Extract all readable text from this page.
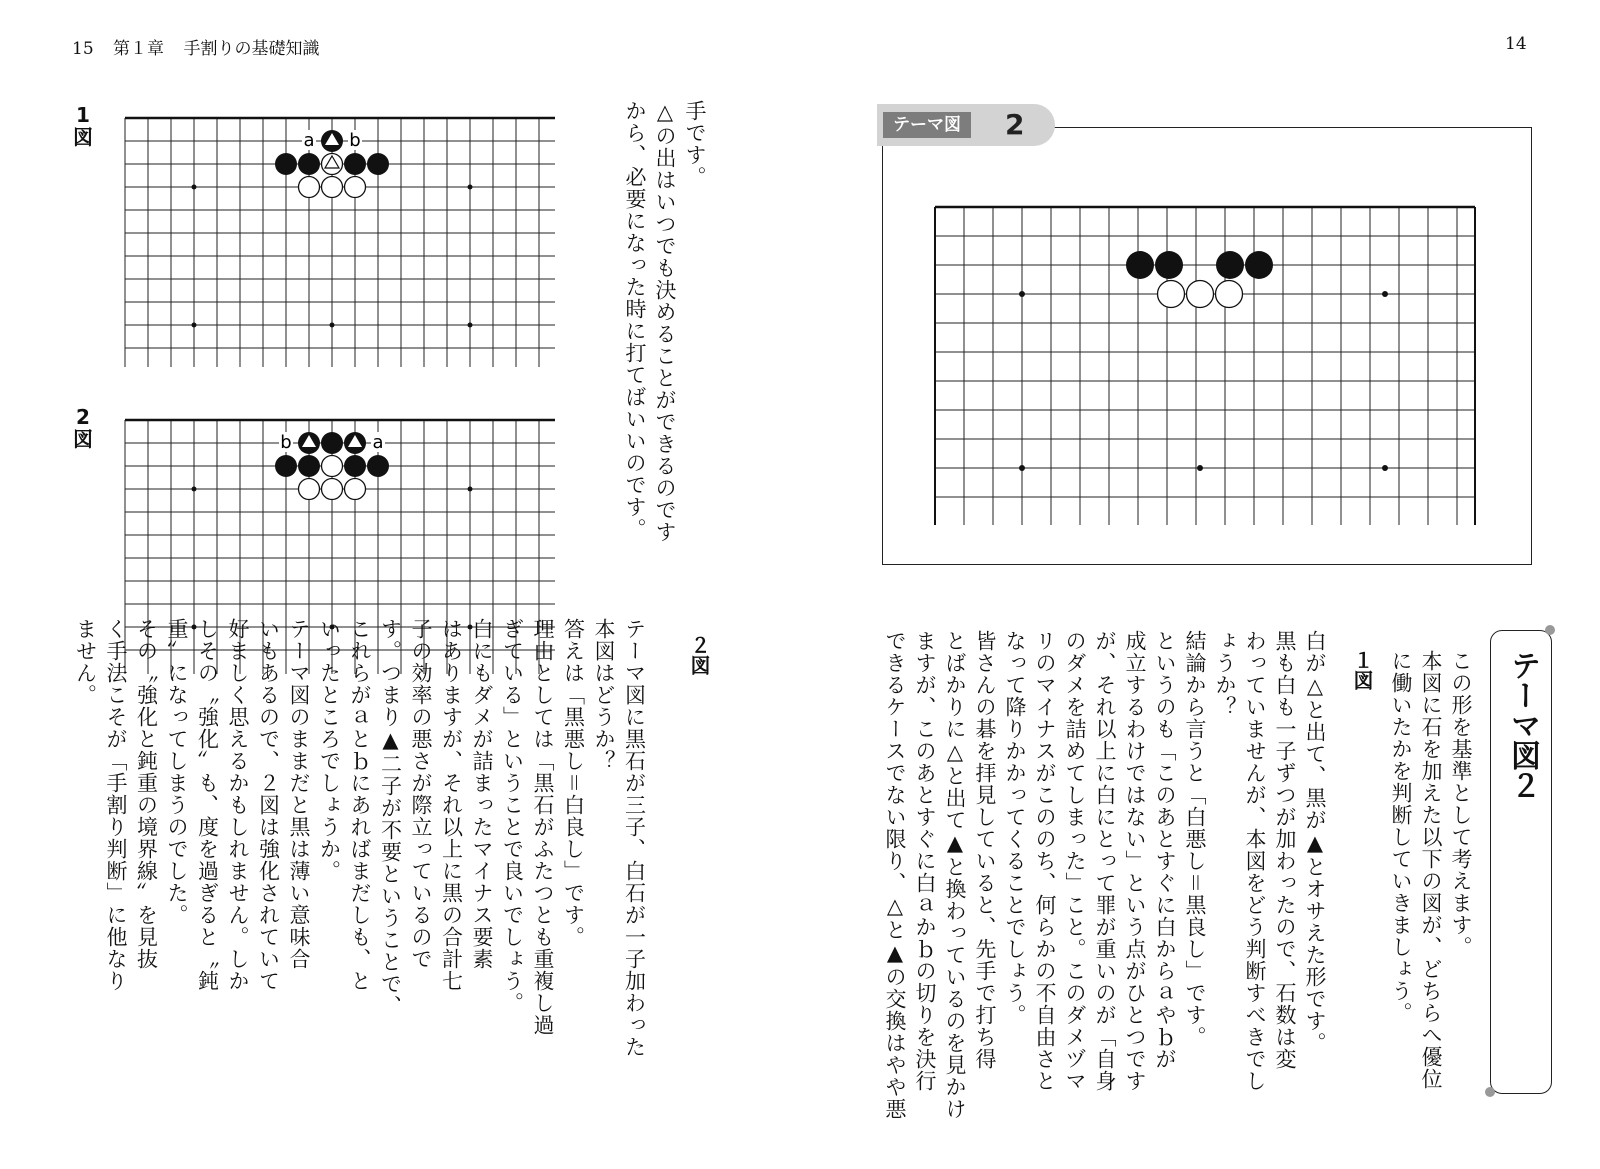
15 第１章 手割りの基礎知識	14
1
図	a b
2
図	b	a
手です。
△の出はいつでも決めることができるのです
から、必要になった時に打てばいいのです。
２図
テーマ図に黒石が三子、白石が一子加わった
本図はどうか？
答えは「黒悪し＝白良し」です。
理由としては「黒石がふたつとも重複し過
ぎている」ということで良いでしょう。
白にもダメが詰まったマイナス要素
はありますが、それ以上に黒の合計七
子の効率の悪さが際立っているので
す。つまり▲二子が不要ということで、
これらがａとｂにあればまだしも、と
いったところでしょうか。
テーマ図のままだと黒は薄い意味合
いもあるので、２図は強化されていて
好ましく思えるかもしれません。しか
しその〝強化〟も、度を過ぎると〝鈍
重〟になってしまうのでした。
その〝強化と鈍重の境界線〟を見抜
く手法こそが「手割り判断」に他なり
ません。
テーマ図	2
テーマ図２
この形を基準として考えます。
本図に石を加えた以下の図が、どちらへ優位
に働いたかを判断していきましょう。
１図
白が△と出て、黒が▲とオサえた形です。
黒も白も一子ずつが加わったので、石数は変
わっていませんが、本図をどう判断すべきでし
ょうか？
結論から言うと「白悪し＝黒良し」です。
というのも「このあとすぐに白からａやｂが
成立するわけではない」という点がひとつです
が、それ以上に白にとって罪が重いのが「自身
のダメを詰めてしまった」こと。このダメヅマ
リのマイナスがこののち、何らかの不自由さと
なって降りかかってくることでしょう。
皆さんの碁を拝見していると、先手で打ち得
とばかりに△と出て▲と換わっているのを見かけ
ますが、このあとすぐに白ａかｂの切りを決行
できるケースでない限り、△と▲の交換はやや悪
